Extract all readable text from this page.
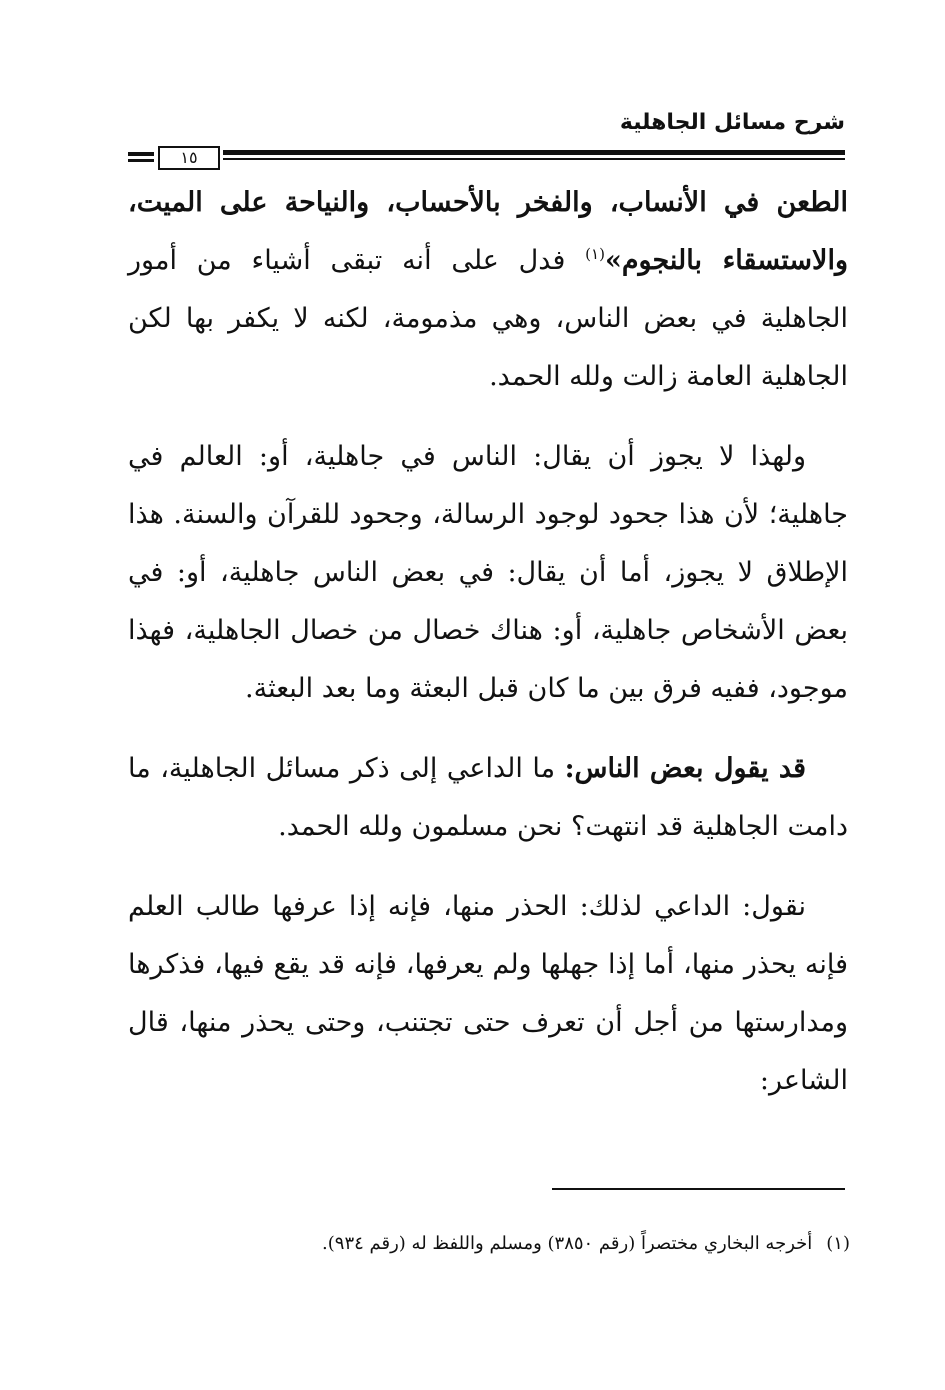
شرح مسائل الجاهلية
١٥

الطعن في الأنساب، والفخر بالأحساب، والنياحة على الميت، والاستسقاء بالنجوم»$^{(١)}$ فدل على أنه تبقى أشياء من أمور الجاهلية في بعض الناس، وهي مذمومة، لكنه لا يكفر بها لكن الجاهلية العامة زالت ولله الحمد.

ولهذا لا يجوز أن يقال: الناس في جاهلية، أو: العالم في جاهلية؛ لأن هذا جحود لوجود الرسالة، وجحود للقرآن والسنة. هذا الإطلاق لا يجوز، أما أن يقال: في بعض الناس جاهلية، أو: في بعض الأشخاص جاهلية، أو: هناك خصال من خصال الجاهلية، فهذا موجود، ففيه فرق بين ما كان قبل البعثة وما بعد البعثة.

قد يقول بعض الناس: ما الداعي إلى ذكر مسائل الجاهلية، ما دامت الجاهلية قد انتهت؟ نحن مسلمون ولله الحمد.

نقول: الداعي لذلك: الحذر منها، فإنه إذا عرفها طالب العلم فإنه يحذر منها، أما إذا جهلها ولم يعرفها، فإنه قد يقع فيها، فذكرها ومدارستها من أجل أن تعرف حتى تجتنب، وحتى يحذر منها، قال الشاعر:

(١)أخرجه البخاري مختصراً (رقم ٣٨٥٠) ومسلم واللفظ له (رقم ٩٣٤).
